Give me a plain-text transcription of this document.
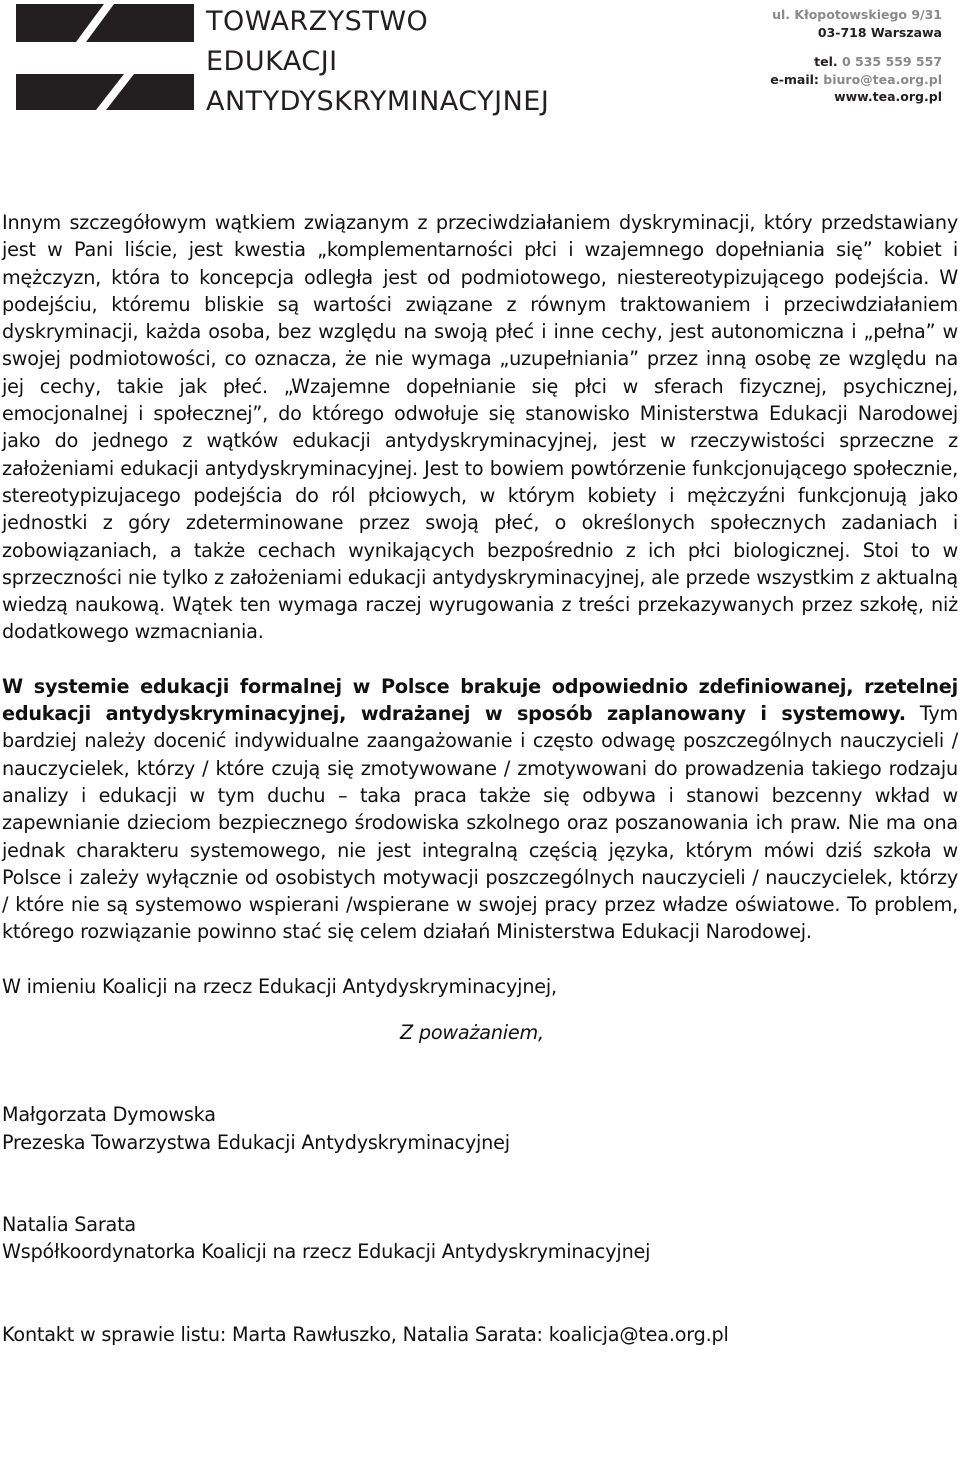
TOWARZYSTWO
EDUKACJI
ANTYDYSKRYMINACYJNEJ
ul. Kłopotowskiego 9/31
03-718 Warszawa
tel. 0 535 559 557
e-mail: biuro@tea.org.pl
www.tea.org.pl

Innym szczegółowym wątkiem związanym z przeciwdziałaniem dyskryminacji, który przedstawiany jest w Pani liście, jest kwestia „komplementarności płci i wzajemnego dopełniania się” kobiet i mężczyzn, która to koncepcja odległa jest od podmiotowego, niestereotypizującego podejścia. W podejściu, któremu bliskie są wartości związane z równym traktowaniem i przeciwdziałaniem dyskryminacji, każda osoba, bez względu na swoją płeć i inne cechy, jest autonomiczna i „pełna” w swojej podmiotowości, co oznacza, że nie wymaga „uzupełniania” przez inną osobę ze względu na jej cechy, takie jak płeć. „Wzajemne dopełnianie się płci w sferach fizycznej, psychicznej, emocjonalnej i społecznej”, do którego odwołuje się stanowisko Ministerstwa Edukacji Narodowej jako do jednego z wątków edukacji antydyskryminacyjnej, jest w rzeczywistości sprzeczne z założeniami edukacji antydyskryminacyjnej. Jest to bowiem powtórzenie funkcjonującego społecznie, stereotypizujacego podejścia do ról płciowych, w którym kobiety i mężczyźni funkcjonują jako jednostki z góry zdeterminowane przez swoją płeć, o określonych społecznych zadaniach i zobowiązaniach, a także cechach wynikających bezpośrednio z ich płci biologicznej. Stoi to w sprzeczności nie tylko z założeniami edukacji antydyskryminacyjnej, ale przede wszystkim z aktualną wiedzą naukową. Wątek ten wymaga raczej wyrugowania z treści przekazywanych przez szkołę, niż dodatkowego wzmacniania.

W systemie edukacji formalnej w Polsce brakuje odpowiednio zdefiniowanej, rzetelnej edukacji antydyskryminacyjnej, wdrażanej w sposób zaplanowany i systemowy. Tym bardziej należy docenić indywidualne zaangażowanie i często odwagę poszczególnych nauczycieli / nauczycielek, którzy / które czują się zmotywowane / zmotywowani do prowadzenia takiego rodzaju analizy i edukacji w tym duchu – taka praca także się odbywa i stanowi bezcenny wkład w zapewnianie dzieciom bezpiecznego środowiska szkolnego oraz poszanowania ich praw. Nie ma ona jednak charakteru systemowego, nie jest integralną częścią języka, którym mówi dziś szkoła w Polsce i zależy wyłącznie od osobistych motywacji poszczególnych nauczycieli / nauczycielek, którzy / które nie są systemowo wspierani /wspierane w swojej pracy przez władze oświatowe. To problem, którego rozwiązanie powinno stać się celem działań Ministerstwa Edukacji Narodowej.

W imieniu Koalicji na rzecz Edukacji Antydyskryminacyjnej,

Z poważaniem,

Małgorzata Dymowska

Prezeska Towarzystwa Edukacji Antydyskryminacyjnej

Natalia Sarata

Współkoordynatorka Koalicji na rzecz Edukacji Antydyskryminacyjnej

Kontakt w sprawie listu: Marta Rawłuszko, Natalia Sarata: koalicja@tea.org.pl
